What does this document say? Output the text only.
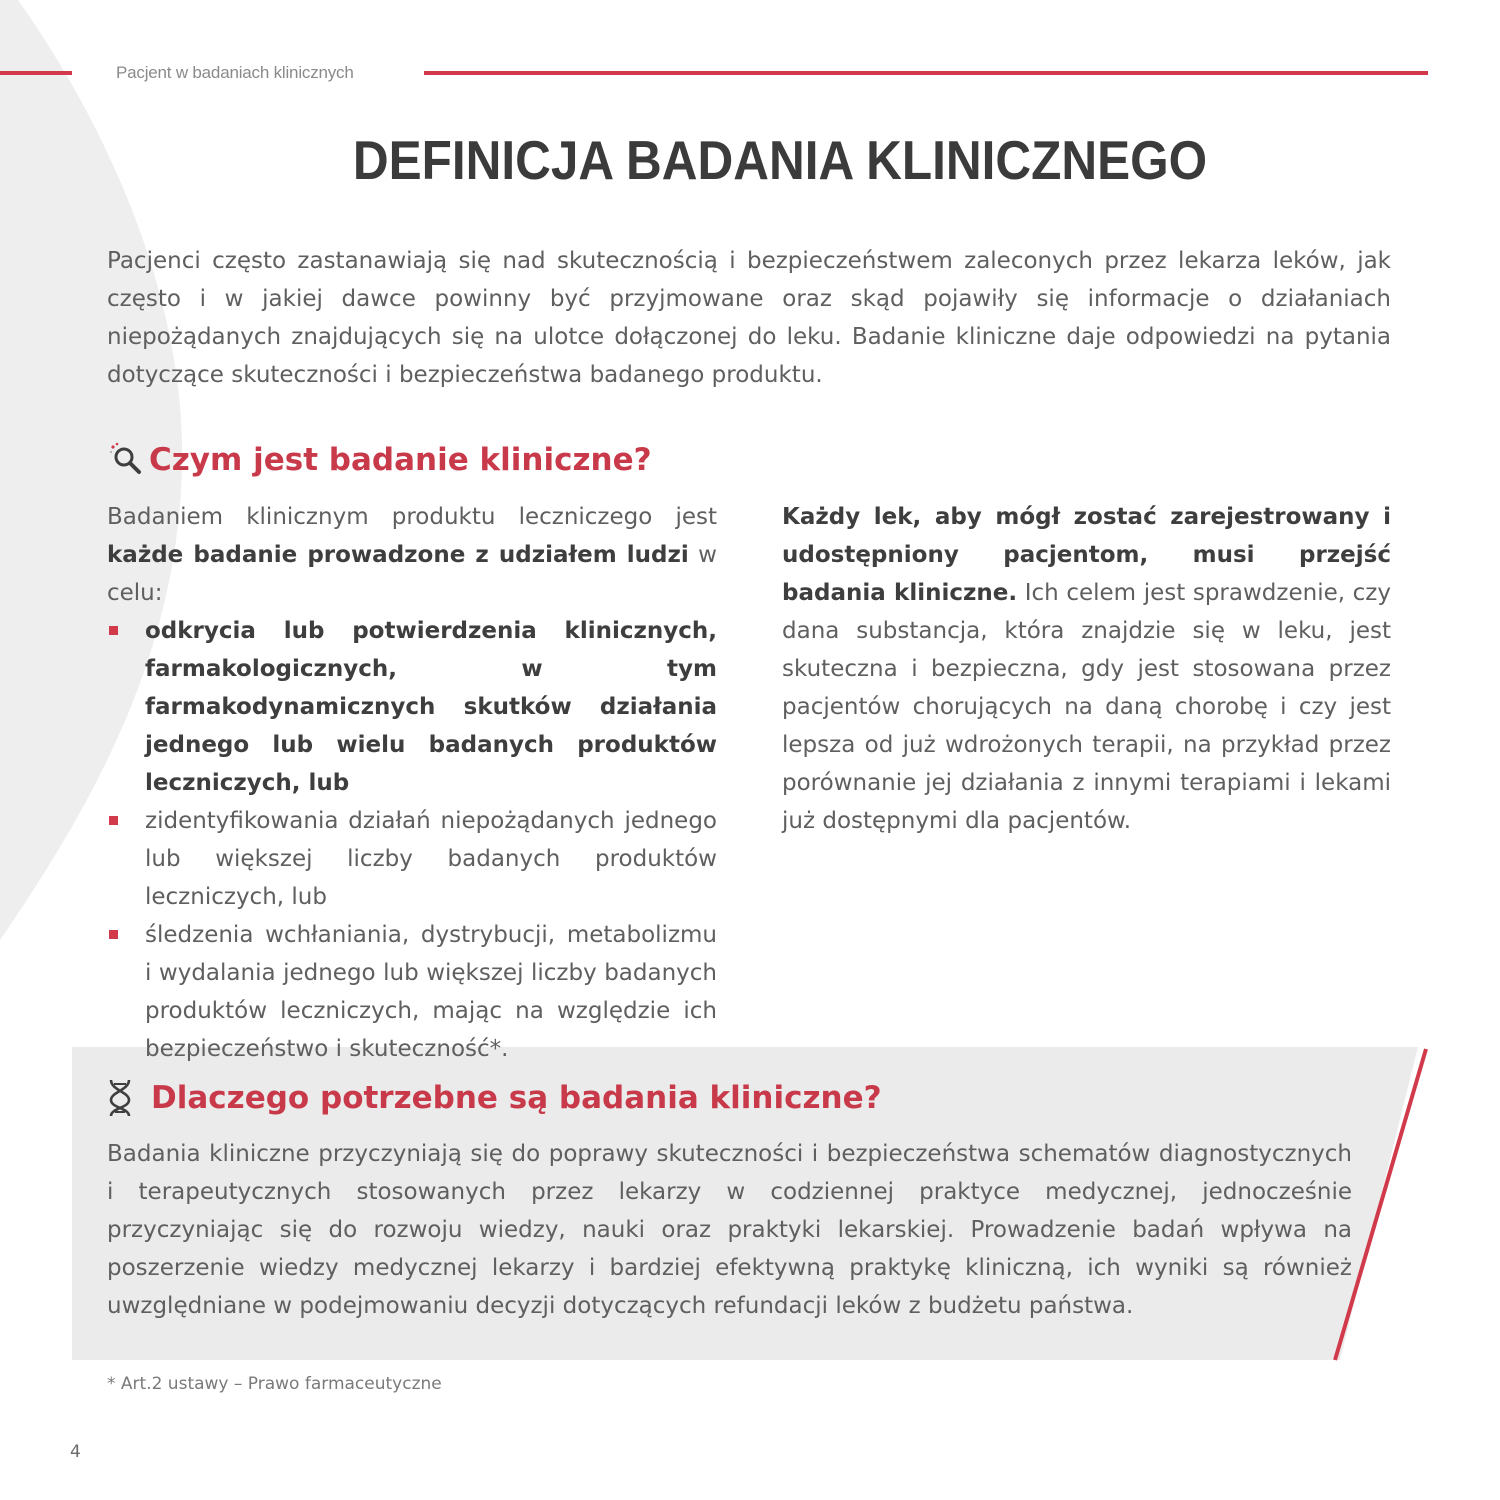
Pacjent w badaniach klinicznych
DEFINICJA BADANIA KLINICZNEGO

Pacjenci często zastanawiają się nad skutecznością i bezpieczeństwem zaleconych przez lekarza leków, jak często i w jakiej dawce powinny być przyjmowane oraz skąd pojawiły się informacje o działaniach niepożądanych znajdujących się na ulotce dołączonej do leku. Badanie kliniczne daje odpowiedzi na pytania dotyczące skuteczności i bezpieczeństwa badanego produktu.

Czym jest badanie kliniczne?

Badaniem klinicznym produktu leczniczego jest każde badanie prowadzone z udziałem ludzi w celu:

odkrycia lub potwierdzenia klinicznych, farmakologicznych, w tym farmakodynamicznych skutków działania jednego lub wielu badanych produktów leczniczych, lub
zidentyfikowania działań niepożądanych jednego lub większej liczby badanych produktów leczniczych, lub
śledzenia wchłaniania, dystrybucji, metabolizmu i wydalania jednego lub większej liczby badanych produktów leczniczych, mając na względzie ich bezpieczeństwo i skuteczność*.

Każdy lek, aby mógł zostać zarejestrowany i udostępniony pacjentom, musi przejść badania kliniczne. Ich celem jest sprawdzenie, czy dana substancja, która znajdzie się w leku, jest skuteczna i bezpieczna, gdy jest stosowana przez pacjentów chorujących na daną chorobę i czy jest lepsza od już wdrożonych terapii, na przykład przez porównanie jej działania z innymi terapiami i lekami już dostępnymi dla pacjentów.

Dlaczego potrzebne są badania kliniczne?

Badania kliniczne przyczyniają się do poprawy skuteczności i bezpieczeństwa schematów diagnostycznych i terapeutycznych stosowanych przez lekarzy w codziennej praktyce medycznej, jednocześnie przyczyniając się do rozwoju wiedzy, nauki oraz praktyki lekarskiej. Prowadzenie badań wpływa na poszerzenie wiedzy medycznej lekarzy i bardziej efektywną praktykę kliniczną, ich wyniki są również uwzględniane w podejmowaniu decyzji dotyczących refundacji leków z budżetu państwa.

* Art.2 ustawy – Prawo farmaceutyczne
4
